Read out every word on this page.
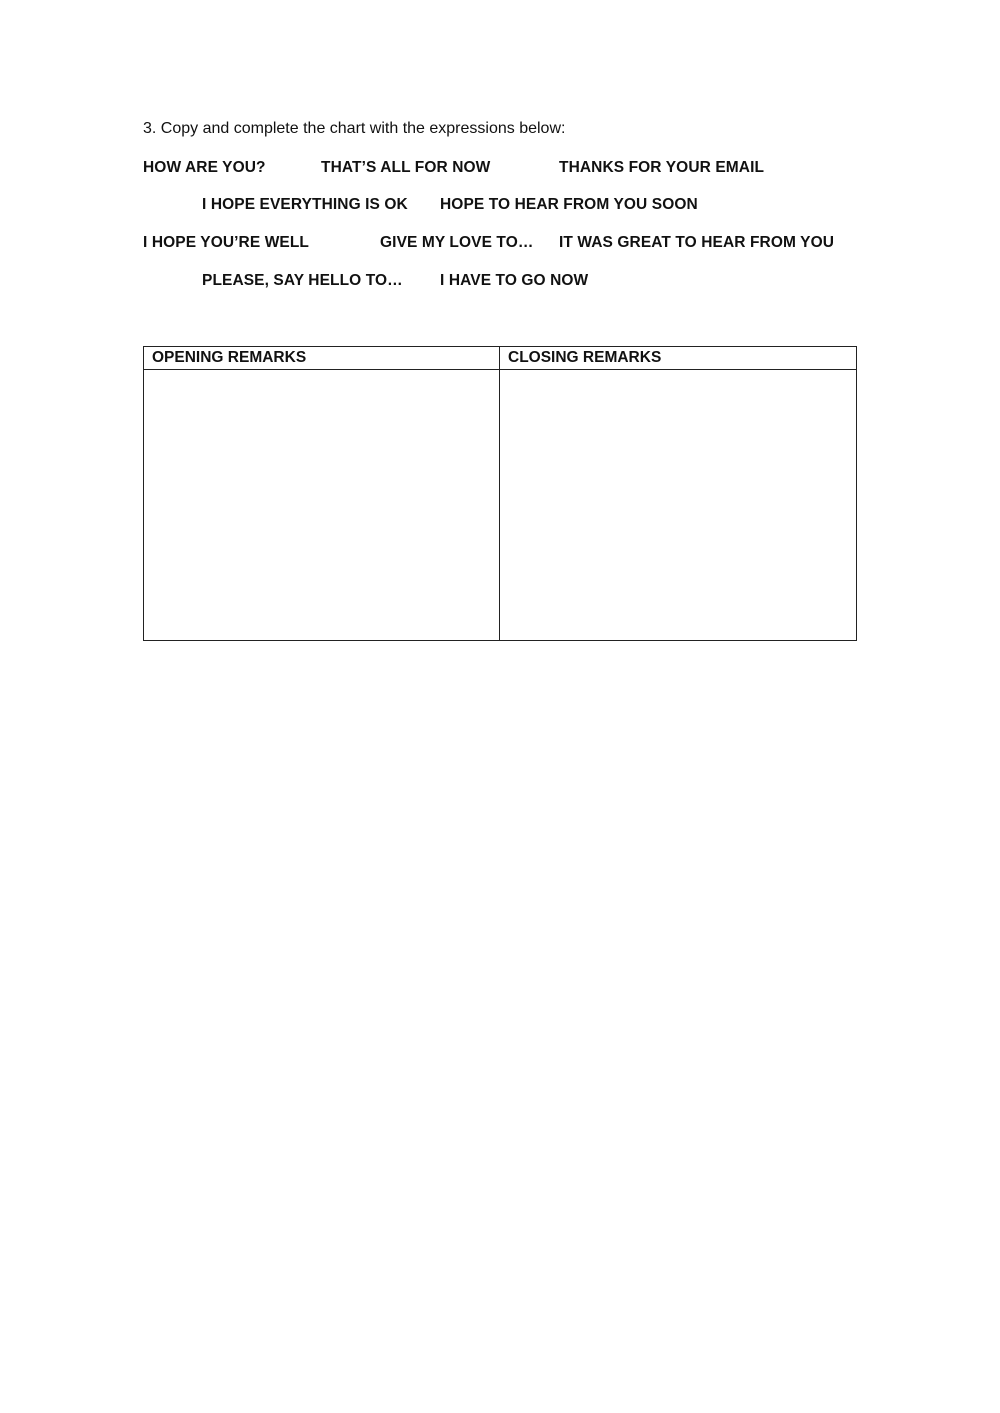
3. Copy and complete the chart with the expressions below:
HOW ARE YOU?	THAT’S ALL FOR NOW	THANKS FOR YOUR EMAIL
I HOPE EVERYTHING IS OK HOPE TO HEAR FROM YOU SOON
I HOPE YOU’RE WELL	GIVE MY LOVE TO… IT WAS GREAT TO HEAR FROM YOU
PLEASE, SAY HELLO TO… I HAVE TO GO NOW
OPENING REMARKS	CLOSING REMARKS
